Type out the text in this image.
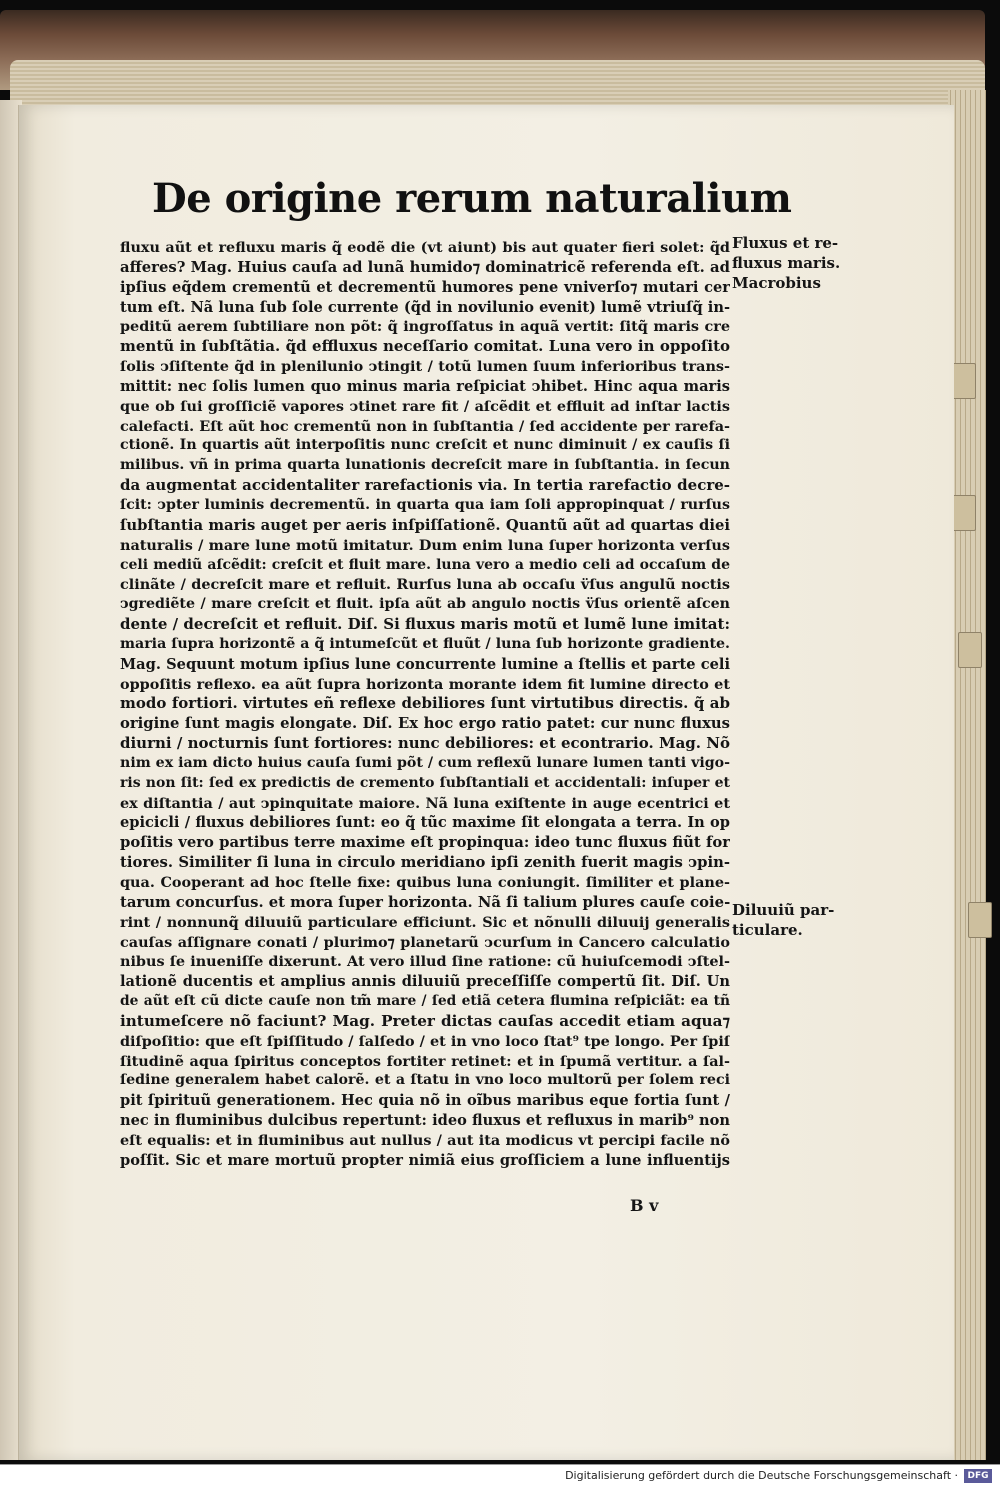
De origine rerum naturalium
fluxu aũt et refluxu maris q̃ eodẽ die (vt aiunt) bis aut quater fieri solet: q̃d
afferes? Mag. Huius cauſa ad lunã humido⁊ dominatricẽ referenda eſt. ad
ipſius eq̃dem crementũ et decrementũ humores pene vniverſo⁊ mutari cer
tum eſt. Nã luna ſub ſole currente (q̃d in novilunio evenit) lumẽ vtriuſq̃ in-
peditũ aerem ſubtiliare non põt: q̃ ingroſſatus in aquã vertit: ſitq̃ maris cre
mentũ in ſubſtãtia. q̃d effluxus neceſſario comitat. Luna vero in oppoſito
ſolis ↄſiſtente q̃d in plenilunio ↄtingit / totũ lumen ſuum inferioribus trans-
mittit: nec ſolis lumen quo minus maria reſpiciat ↄhibet. Hinc aqua maris
que ob ſui groſſiciẽ vapores ↄtinet rare fit / aſcẽdit et effluit ad inſtar lactis
calefacti. Eſt aũt hoc crementũ non in ſubſtantia / ſed accidente per rarefa-
ctionẽ. In quartis aũt interpoſitis nunc creſcit et nunc diminuit / ex cauſis ſi
milibus. vñ in prima quarta lunationis decreſcit mare in ſubſtantia. in ſecun
da augmentat accidentaliter rarefactionis via. In tertia rarefactio decre-
ſcit: ↄpter luminis decrementũ. in quarta qua iam ſoli appropinquat / rurſus
ſubſtantia maris auget per aeris inſpiſſationẽ. Quantũ aũt ad quartas diei
naturalis / mare lune motũ imitatur. Dum enim luna ſuper horizonta verſus
celi mediũ aſcẽdit: creſcit et fluit mare. luna vero a medio celi ad occaſum de
clinãte / decreſcit mare et refluit. Rurſus luna ab occaſu v̈ſus angulũ noctis
ↄgrediẽte / mare creſcit et fluit. ipſa aũt ab angulo noctis v̈ſus orientẽ aſcen
dente / decreſcit et refluit. Diſ. Si fluxus maris motũ et lumẽ lune imitat:
maria ſupra horizontẽ a q̃ intumeſcũt et fluũt / luna ſub horizonte gradiente.
Mag. Sequunt motum ipſius lune concurrente lumine a ſtellis et parte celi
oppoſitis reflexo. ea aũt ſupra horizonta morante idem fit lumine directo et
modo fortiori. virtutes eñ reflexe debiliores ſunt virtutibus directis. q̃ ab
origine ſunt magis elongate. Diſ. Ex hoc ergo ratio patet: cur nunc fluxus
diurni / nocturnis ſunt fortiores: nunc debiliores: et econtrario. Mag. Nõ
nim ex iam dicto huius cauſa ſumi põt / cum reflexũ lunare lumen tanti vigo-
ris non ſit: ſed ex predictis de cremento ſubſtantiali et accidentali: inſuper et
ex diſtantia / aut ↄpinquitate maiore. Nã luna exiſtente in auge ecentrici et
epicicli / fluxus debiliores ſunt: eo q̃ tũc maxime ſit elongata a terra. In op
poſitis vero partibus terre maxime eſt propinqua: ideo tunc fluxus fiũt for
tiores. Similiter ſi luna in circulo meridiano ipſi zenith fuerit magis ↄpin-
qua. Cooperant ad hoc ſtelle fixe: quibus luna coniungit. ſimiliter et plane-
tarum concurſus. et mora ſuper horizonta. Nã ſi talium plures cauſe coie-
rint / nonnunq̃ diluuiũ particulare efficiunt. Sic et nõnulli diluuij generalis
cauſas aſſignare conati / plurimo⁊ planetarũ ↄcurſum in Cancero calculatio
nibus ſe inueniſſe dixerunt. At vero illud ſine ratione: cũ huiuſcemodi ↄſtel-
lationẽ ducentis et amplius annis diluuiũ preceſſiſſe compertũ ſit. Diſ. Un
de aũt eſt cũ dicte cauſe non tm̃ mare / ſed etiã cetera flumina reſpiciãt: ea tñ
intumeſcere nõ faciunt? Mag. Preter dictas cauſas accedit etiam aqua⁊
diſpoſitio: que eſt ſpiſſitudo / ſalſedo / et in vno loco ſtat⁹ tpe longo. Per ſpiſ
ſitudinẽ aqua ſpiritus conceptos fortiter retinet: et in ſpumã vertitur. a ſal-
ſedine generalem habet calorẽ. et a ſtatu in vno loco multorũ per ſolem reci
pit ſpirituũ generationem. Hec quia nõ in oĩbus maribus eque fortia ſunt /
nec in fluminibus dulcibus repertunt: ideo fluxus et refluxus in marib⁹ non
eſt equalis: et in fluminibus aut nullus / aut ita modicus vt percipi facile nõ
poſſit. Sic et mare mortuũ propter nimiã eius groſſiciem a lune influentijs
Fluxus et re-
fluxus maris.
Macrobius
Diluuiũ par-
ticulare.
B v
Digitalisierung gefördert durch die Deutsche Forschungsgemeinschaft ·	DFG
